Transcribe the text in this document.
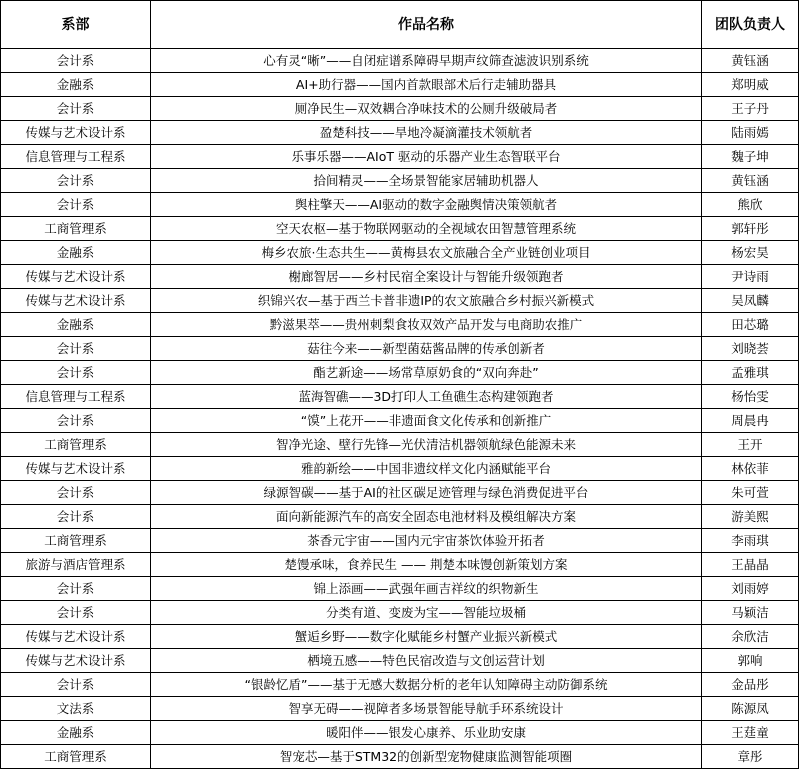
系部	作品名称	团队负责人
会计系	心有灵“晰”——自闭症谱系障碍早期声纹筛查滤波识别系统	黄钰涵
金融系	AI+助行器——国内首款眼部术后行走辅助器具	郑明威
会计系	厕净民生—双效耦合净味技术的公厕升级破局者	王子丹
传媒与艺术设计系	盈楚科技——旱地冷凝滴灌技术领航者	陆雨嫣
信息管理与工程系	乐事乐器——AIoT 驱动的乐器产业生态智联平台	魏子坤
会计系	拾间精灵——全场景智能家居辅助机器人	黄钰涵
会计系	舆柱擎天——AI驱动的数字金融舆情决策领航者	熊欣
工商管理系	空天农枢—基于物联网驱动的全视域农田智慧管理系统	郭轩彤
金融系	梅乡农旅·生态共生——黄梅县农文旅融合全产业链创业项目	杨宏昊
传媒与艺术设计系	榭廊智居——乡村民宿全案设计与智能升级领跑者	尹诗雨
传媒与艺术设计系	织锦兴农—基于西兰卡普非遗IP的农文旅融合乡村振兴新模式	吴凤麟
金融系	黔滋果萃——贵州刺梨食妆双效产品开发与电商助农推广	田芯璐
会计系	菇往今来——新型菌菇酱品牌的传承创新者	刘晓荟
会计系	酯艺新途——场常草原奶食的“双向奔赴”	孟雅琪
信息管理与工程系	蓝海智礁——3D打印人工鱼礁生态构建领跑者	杨怡雯
会计系	“馍”上花开——非遗面食文化传承和创新推广	周晨冉
工商管理系	智净光途、壁行先锋—光伏清洁机器领航绿色能源未来	王开
传媒与艺术设计系	雅韵新绘——中国非遗纹样文化内涵赋能平台	林依菲
会计系	绿源智碳——基于AI的社区碳足迹管理与绿色消费促进平台	朱可萱
会计系	面向新能源汽车的高安全固态电池材料及模组解决方案	游美熙
工商管理系	茶香元宇宙——国内元宇宙茶饮体验开拓者	李雨琪
旅游与酒店管理系	楚馒承味，食养民生 —— 荆楚本味馒创新策划方案	王晶晶
会计系	锦上添画——武强年画吉祥纹的织物新生	刘雨婷
会计系	分类有道、变废为宝——智能垃圾桶	马颖洁
传媒与艺术设计系	蟹逅乡野——数字化赋能乡村蟹产业振兴新模式	余欣洁
传媒与艺术设计系	栖境五感——特色民宿改造与文创运营计划	郭响
会计系	“银龄忆盾”——基于无感大数据分析的老年认知障碍主动防御系统	金品彤
文法系	智享无碍——视障者多场景智能导航手环系统设计	陈源凤
金融系	暖阳伴——银发心康养、乐业助安康	王莛童
工商管理系	智宠芯—基于STM32的创新型宠物健康监测智能项圈	章彤
